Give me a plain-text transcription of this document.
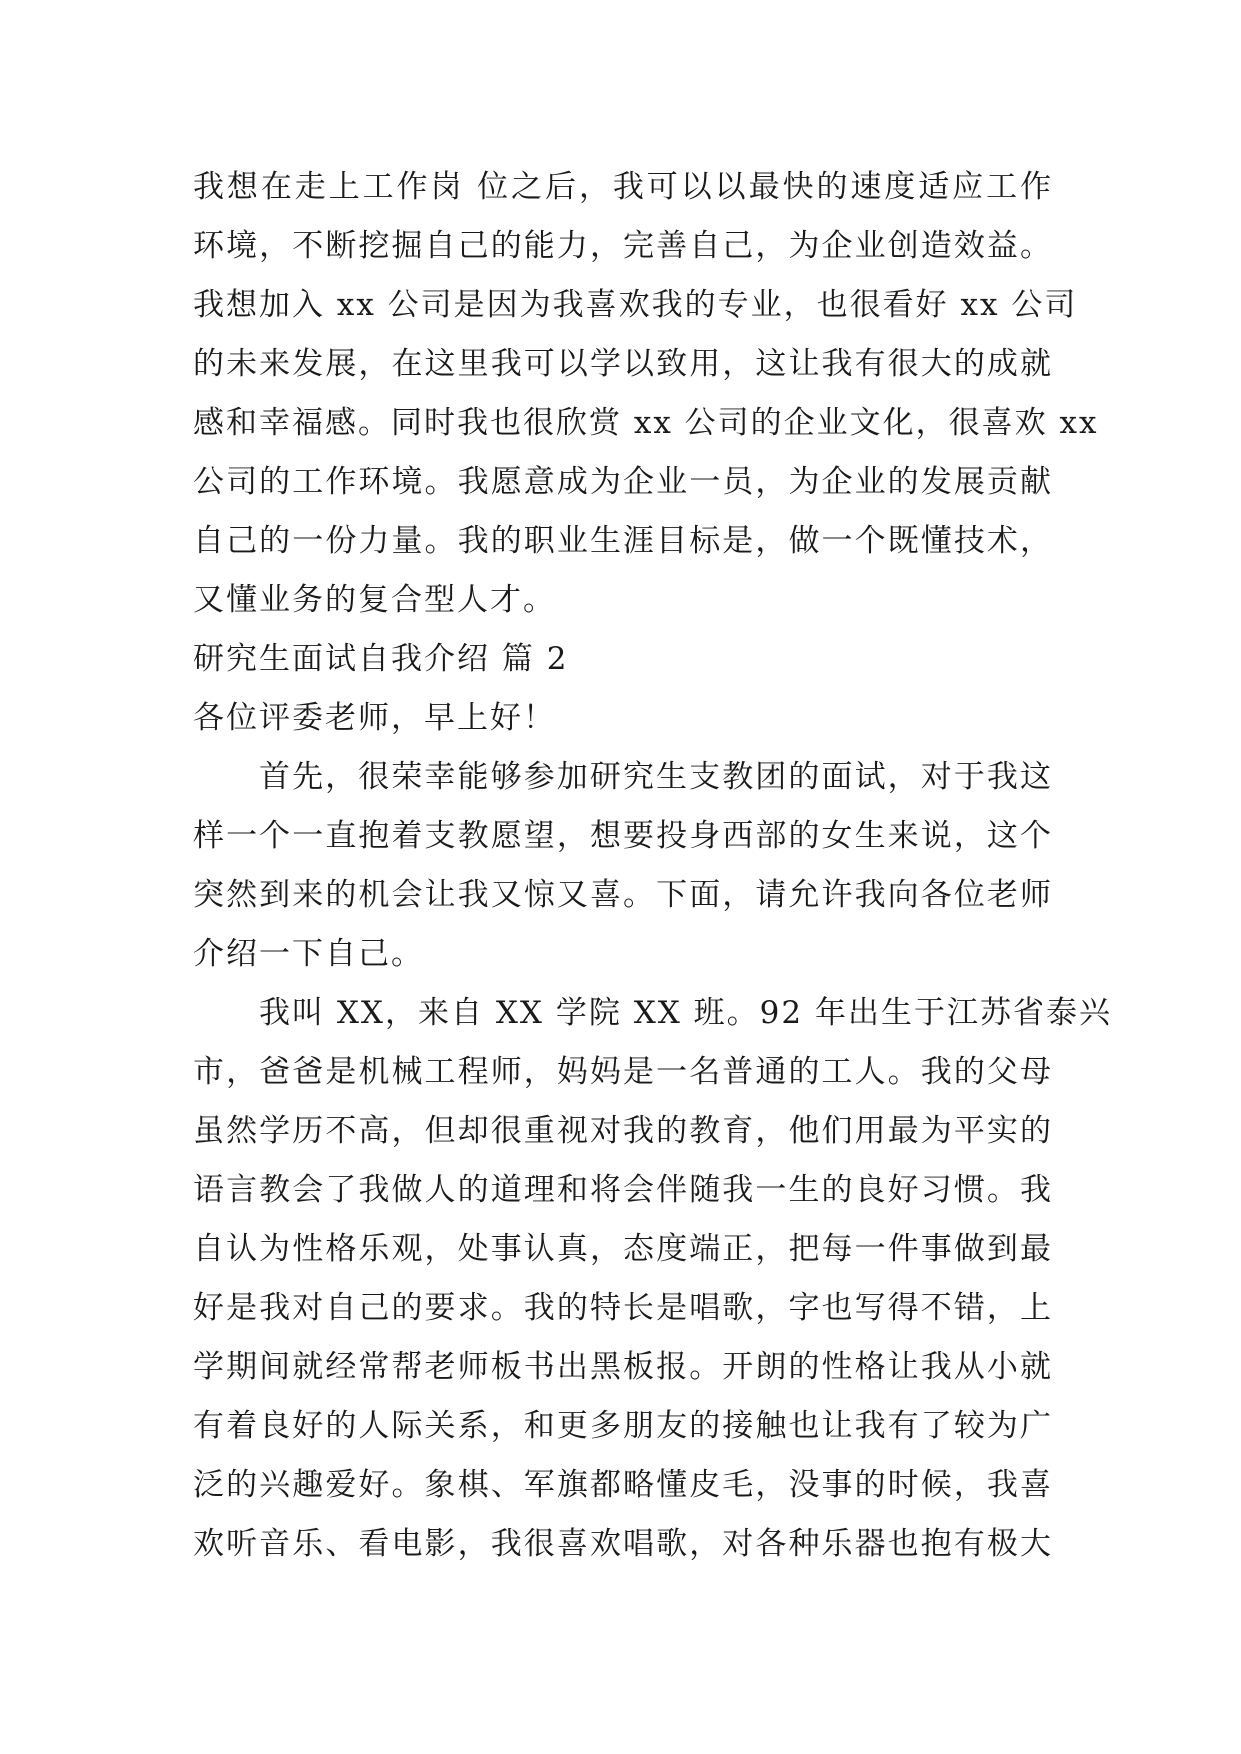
我想在走上工作岗 位之后，我可以以最快的速度适应工作
环境，不断挖掘自己的能力，完善自己，为企业创造效益。
我想加入 xx 公司是因为我喜欢我的专业，也很看好 xx 公司
的未来发展，在这里我可以学以致用，这让我有很大的成就
感和幸福感。同时我也很欣赏 xx 公司的企业文化，很喜欢 xx
公司的工作环境。我愿意成为企业一员，为企业的发展贡献
自己的一份力量。我的职业生涯目标是，做一个既懂技术，
又懂业务的复合型人才。
研究生面试自我介绍 篇 2
各位评委老师，早上好！
首先，很荣幸能够参加研究生支教团的面试，对于我这
样一个一直抱着支教愿望，想要投身西部的女生来说，这个
突然到来的机会让我又惊又喜。下面，请允许我向各位老师
介绍一下自己。
我叫 XX，来自 XX 学院 XX 班。92 年出生于江苏省泰兴
市，爸爸是机械工程师，妈妈是一名普通的工人。我的父母
虽然学历不高，但却很重视对我的教育，他们用最为平实的
语言教会了我做人的道理和将会伴随我一生的良好习惯。我
自认为性格乐观，处事认真，态度端正，把每一件事做到最
好是我对自己的要求。我的特长是唱歌，字也写得不错，上
学期间就经常帮老师板书出黑板报。开朗的性格让我从小就
有着良好的人际关系，和更多朋友的接触也让我有了较为广
泛的兴趣爱好。象棋、军旗都略懂皮毛，没事的时候，我喜
欢听音乐、看电影，我很喜欢唱歌，对各种乐器也抱有极大
